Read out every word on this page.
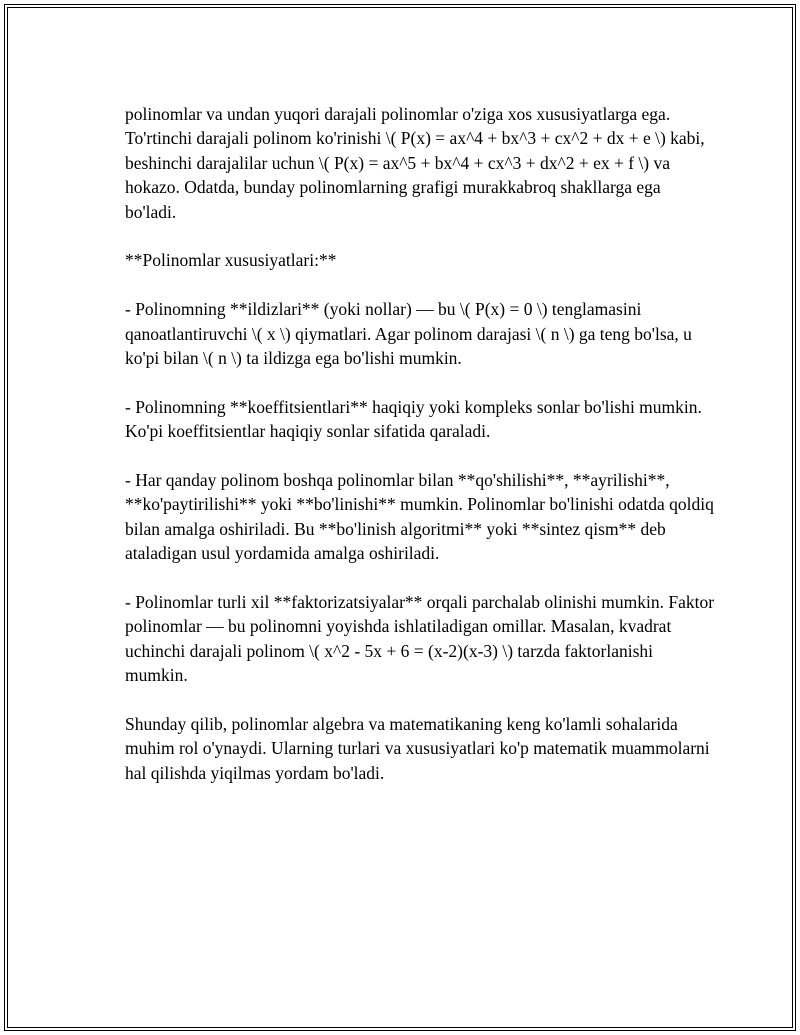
polinomlar va undan yuqori darajali polinomlar o'ziga xos xususiyatlarga ega. To'rtinchi darajali polinom ko'rinishi \( P(x) = ax^4 + bx^3 + cx^2 + dx + e \) kabi, beshinchi darajalilar uchun \( P(x) = ax^5 + bx^4 + cx^3 + dx^2 + ex + f \) va hokazo. Odatda, bunday polinomlarning grafigi murakkabroq shakllarga ega bo'ladi.

**Polinomlar xususiyatlari:**

- Polinomning **ildizlari** (yoki nollar) — bu \( P(x) = 0 \) tenglamasini qanoatlantiruvchi \( x \) qiymatlari. Agar polinom darajasi \( n \) ga teng bo'lsa, u ko'pi bilan \( n \) ta ildizga ega bo'lishi mumkin.

- Polinomning **koeffitsientlari** haqiqiy yoki kompleks sonlar bo'lishi mumkin. Ko'pi koeffitsientlar haqiqiy sonlar sifatida qaraladi.

- Har qanday polinom boshqa polinomlar bilan **qo'shilishi**, **ayrilishi**, **ko'paytirilishi** yoki **bo'linishi** mumkin. Polinomlar bo'linishi odatda qoldiq bilan amalga oshiriladi. Bu **bo'linish algoritmi** yoki **sintez qism** deb ataladigan usul yordamida amalga oshiriladi.

- Polinomlar turli xil **faktorizatsiyalar** orqali parchalab olinishi mumkin. Faktor polinomlar — bu polinomni yoyishda ishlatiladigan omillar. Masalan, kvadrat uchinchi darajali polinom \( x^2 - 5x + 6 = (x-2)(x-3) \) tarzda faktorlanishi mumkin.

Shunday qilib, polinomlar algebra va matematikaning keng ko'lamli sohalarida muhim rol o'ynaydi. Ularning turlari va xususiyatlari ko'p matematik muammolarni hal qilishda yiqilmas yordam bo'ladi.
